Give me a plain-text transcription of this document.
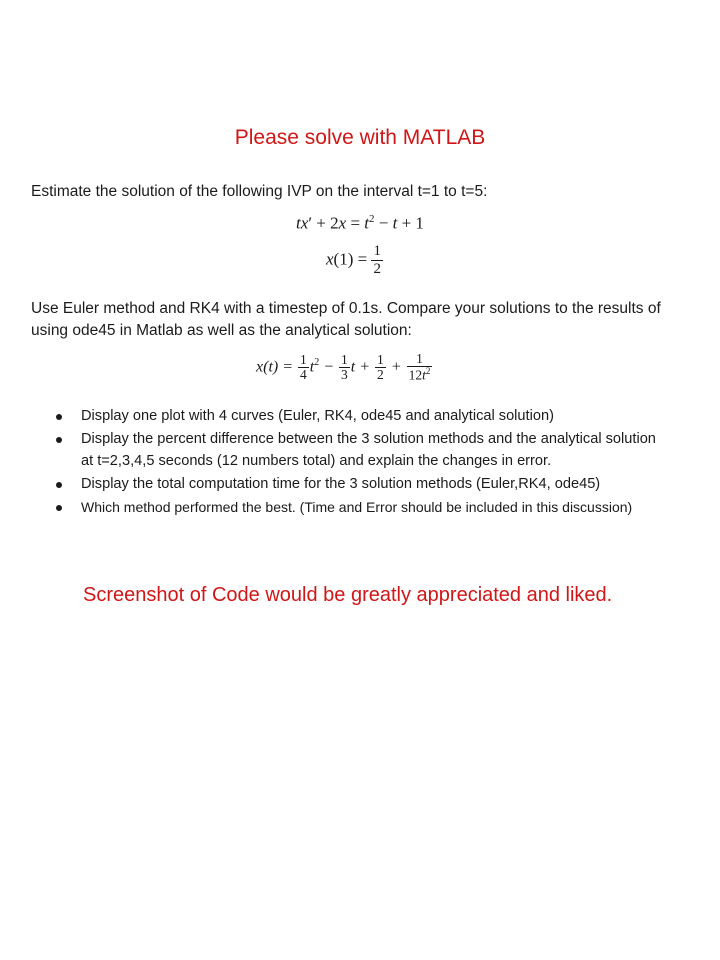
Please solve with MATLAB
Estimate the solution of the following IVP on the interval t=1 to t=5:
$tx' + 2x = t^2 - t + 1$
$x(1) = \frac{1}{2}$
Use Euler method and RK4 with a timestep of 0.1s. Compare your solutions to the results of using ode45 in Matlab as well as the analytical solution:
$x(t) = \frac{1}{4} t^2 - \frac{1}{3}$ $t + \frac{1}{2} + \frac{1}{12t^2}$
Display one plot with 4 curves (Euler, RK4, ode45 and analytical solution)
Display the percent difference between the 3 solution methods and the analytical solution at t=2,3,4,5 seconds (12 numbers total) and explain the changes in error.
Display the total computation time for the 3 solution methods (Euler,RK4, ode45)
Which method performed the best. (Time and Error should be included in this discussion)
Screenshot of Code would be greatly appreciated and liked.
